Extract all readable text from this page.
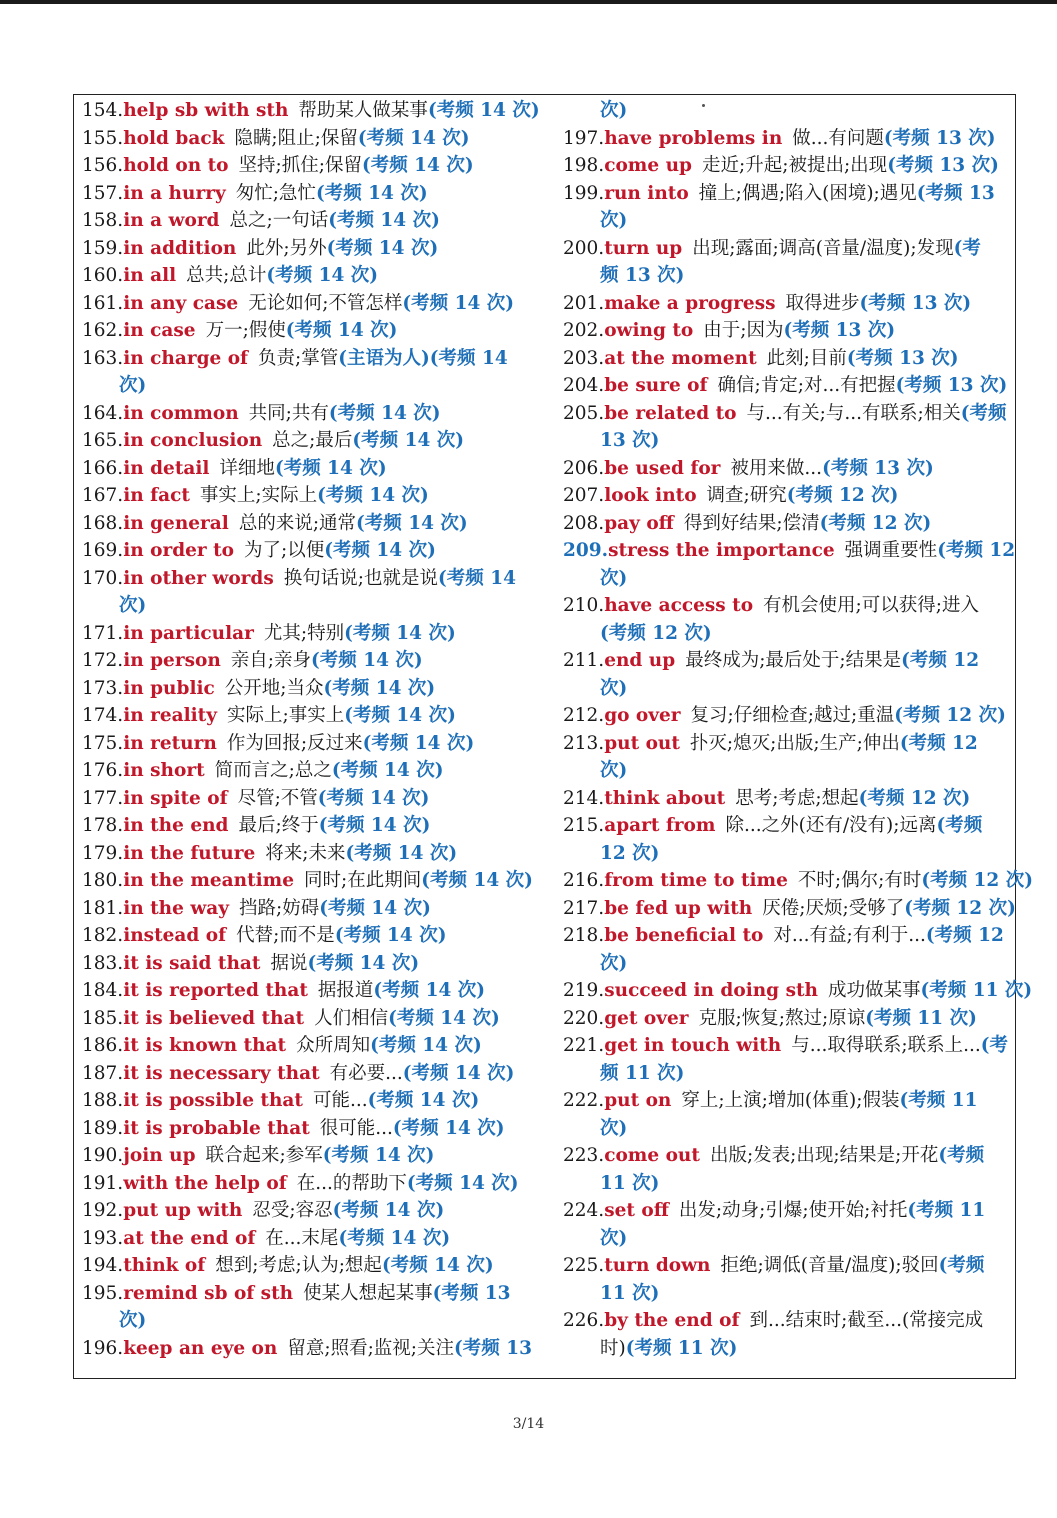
154.help sb with sth 帮助某人做某事(考频 14 次)
155.hold back 隐瞒;阻止;保留(考频 14 次)
156.hold on to 坚持;抓住;保留(考频 14 次)
157.in a hurry 匆忙;急忙(考频 14 次)
158.in a word 总之;一句话(考频 14 次)
159.in addition 此外;另外(考频 14 次)
160.in all 总共;总计(考频 14 次)
161.in any case 无论如何;不管怎样(考频 14 次)
162.in case 万一;假使(考频 14 次)
163.in charge of 负责;掌管(主语为人)(考频 14
次)
164.in common 共同;共有(考频 14 次)
165.in conclusion 总之;最后(考频 14 次)
166.in detail 详细地(考频 14 次)
167.in fact 事实上;实际上(考频 14 次)
168.in general 总的来说;通常(考频 14 次)
169.in order to 为了;以便(考频 14 次)
170.in other words 换句话说;也就是说(考频 14
次)
171.in particular 尤其;特别(考频 14 次)
172.in person 亲自;亲身(考频 14 次)
173.in public 公开地;当众(考频 14 次)
174.in reality 实际上;事实上(考频 14 次)
175.in return 作为回报;反过来(考频 14 次)
176.in short 简而言之;总之(考频 14 次)
177.in spite of 尽管;不管(考频 14 次)
178.in the end 最后;终于(考频 14 次)
179.in the future 将来;未来(考频 14 次)
180.in the meantime 同时;在此期间(考频 14 次)
181.in the way 挡路;妨碍(考频 14 次)
182.instead of 代替;而不是(考频 14 次)
183.it is said that 据说(考频 14 次)
184.it is reported that 据报道(考频 14 次)
185.it is believed that 人们相信(考频 14 次)
186.it is known that 众所周知(考频 14 次)
187.it is necessary that 有必要...(考频 14 次)
188.it is possible that 可能...(考频 14 次)
189.it is probable that 很可能...(考频 14 次)
190.join up 联合起来;参军(考频 14 次)
191.with the help of 在...的帮助下(考频 14 次)
192.put up with 忍受;容忍(考频 14 次)
193.at the end of 在...末尾(考频 14 次)
194.think of 想到;考虑;认为;想起(考频 14 次)
195.remind sb of sth 使某人想起某事(考频 13
次)
196.keep an eye on 留意;照看;监视;关注(考频 13
次)
197.have problems in 做...有问题(考频 13 次)
198.come up 走近;升起;被提出;出现(考频 13 次)
199.run into 撞上;偶遇;陷入(困境);遇见(考频 13
次)
200.turn up 出现;露面;调高(音量/温度);发现(考
频 13 次)
201.make a progress 取得进步(考频 13 次)
202.owing to 由于;因为(考频 13 次)
203.at the moment 此刻;目前(考频 13 次)
204.be sure of 确信;肯定;对...有把握(考频 13 次)
205.be related to 与...有关;与...有联系;相关(考频
13 次)
206.be used for 被用来做...(考频 13 次)
207.look into 调查;研究(考频 12 次)
208.pay off 得到好结果;偿清(考频 12 次)
209.stress the importance 强调重要性(考频 12
次)
210.have access to 有机会使用;可以获得;进入
(考频 12 次)
211.end up 最终成为;最后处于;结果是(考频 12
次)
212.go over 复习;仔细检查;越过;重温(考频 12 次)
213.put out 扑灭;熄灭;出版;生产;伸出(考频 12
次)
214.think about 思考;考虑;想起(考频 12 次)
215.apart from 除...之外(还有/没有);远离(考频
12 次)
216.from time to time 不时;偶尔;有时(考频 12 次)
217.be fed up with 厌倦;厌烦;受够了(考频 12 次)
218.be beneficial to 对...有益;有利于...(考频 12
次)
219.succeed in doing sth 成功做某事(考频 11 次)
220.get over 克服;恢复;熬过;原谅(考频 11 次)
221.get in touch with 与...取得联系;联系上...(考
频 11 次)
222.put on 穿上;上演;增加(体重);假装(考频 11
次)
223.come out 出版;发表;出现;结果是;开花(考频
11 次)
224.set off 出发;动身;引爆;使开始;衬托(考频 11
次)
225.turn down 拒绝;调低(音量/温度);驳回(考频
11 次)
226.by the end of 到...结束时;截至...(常接完成
时)(考频 11 次)
3/14
